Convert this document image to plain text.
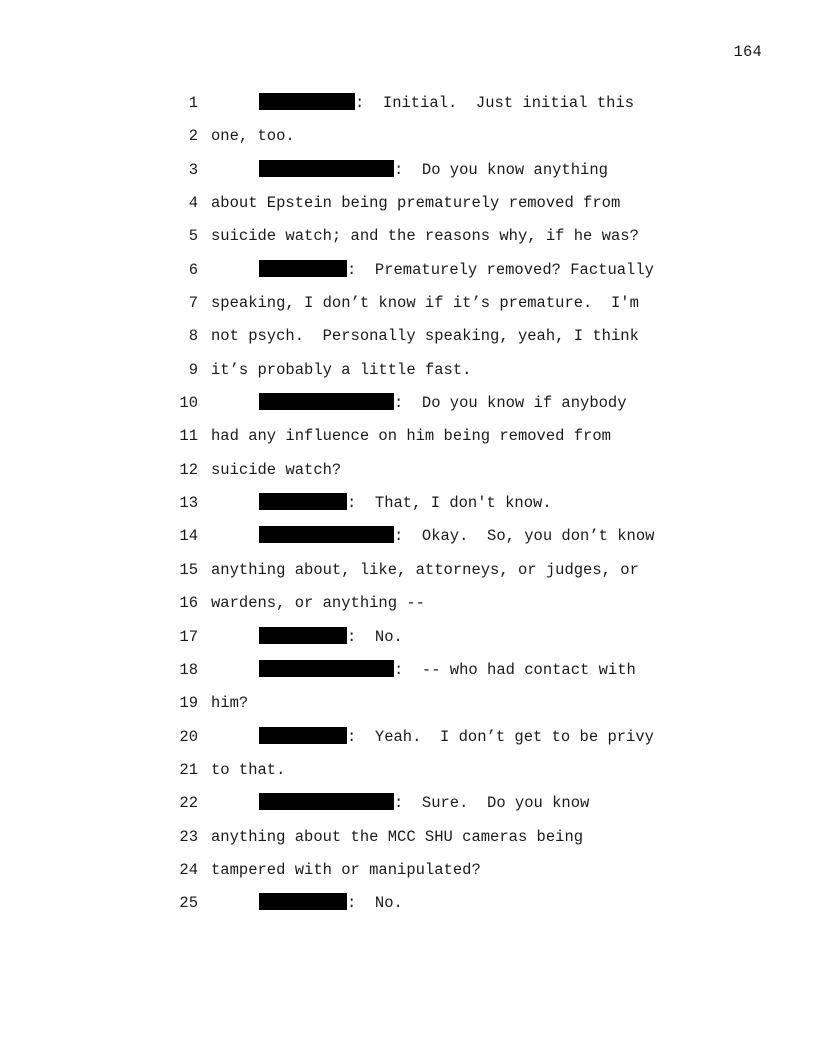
164
1	:  Initial.  Just initial this
2 one, too.
3	:  Do you know anything
4 about Epstein being prematurely removed from
5 suicide watch; and the reasons why, if he was?
6	:  Prematurely removed? Factually
7 speaking, I don’t know if it’s premature.  I'm
8 not psych.  Personally speaking, yeah, I think
9 it’s probably a little fast.
10	:  Do you know if anybody
11 had any influence on him being removed from
12 suicide watch?
13	:  That, I don't know.
14	:  Okay.  So, you don’t know
15 anything about, like, attorneys, or judges, or
16 wardens, or anything --
17	:  No.
18	:  -- who had contact with
19 him?
20	:  Yeah.  I don’t get to be privy
21 to that.
22	:  Sure.  Do you know
23 anything about the MCC SHU cameras being
24 tampered with or manipulated?
25	:  No.
